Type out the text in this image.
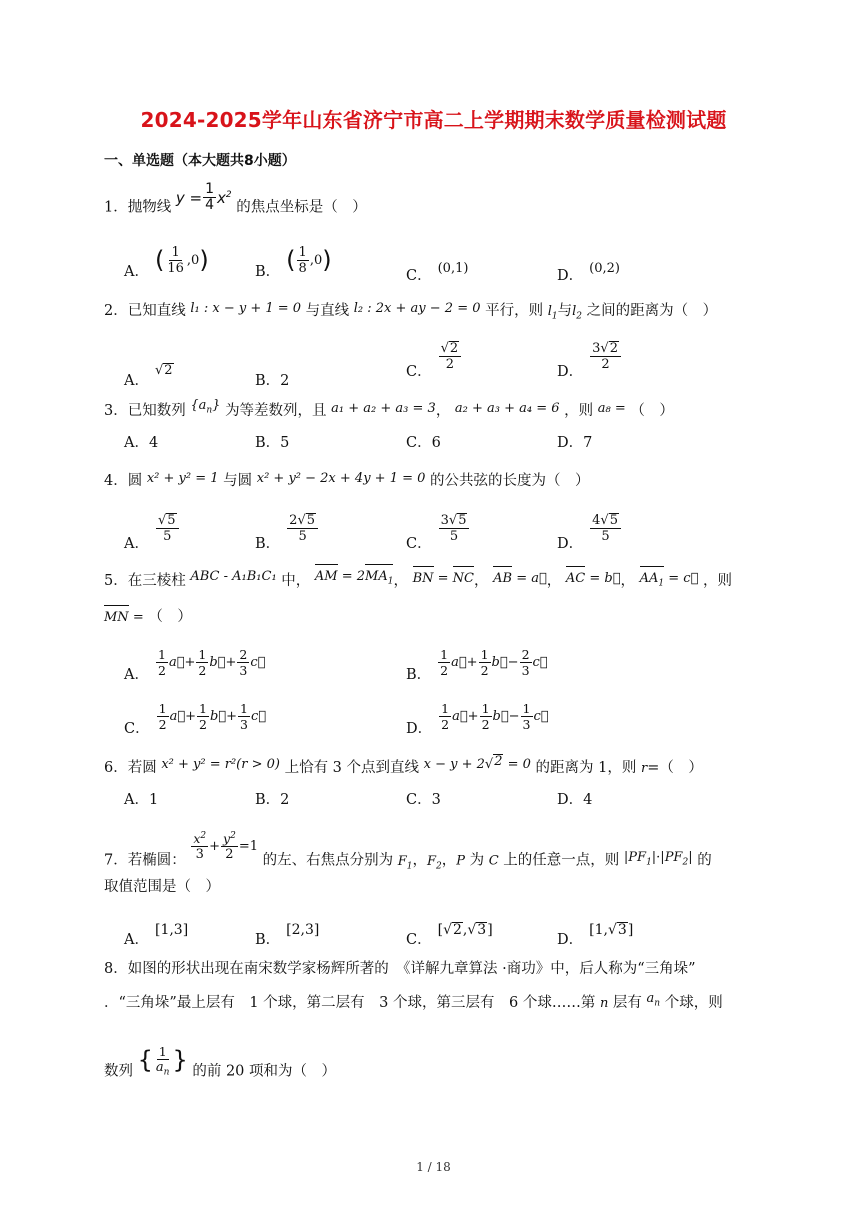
2024-2025学年山东省济宁市高二上学期期末数学质量检测试题
一、单选题（本大题共8小题）
1．抛物线
$y = \frac{1}{4} x^2$
的焦点坐标是（　）
A． ( $\frac{1}{16} ,0$ )	B． ( $\frac{1}{8} ,0$ )
C． (0,1)	D． (0,2)
2．已知直线 l₁ : x − y + 1 = 0 与直线 l₂ : 2x + ay − 2 = 0 平行，则 $l_1$与$l_2$ 之间的距离为（　）
A．
√ 2
B．2
C． $\frac{√ 2}{2}$	D． $\frac{3√ 2}{2}$
3．已知数列 $\{a_n\}$ 为等差数列，且 a₁ + a₂ + a₃ = 3， a₂ + a₃ + a₄ = 6 ，则 a₈ = （　）
A．4	B．5	C．6	D．7
4．圆 x² + y² = 1 与圆 x² + y² − 2x + 4y + 1 = 0 的公共弦的长度为（　）
A． $\frac{√ 5}{5}$	B． $\frac{2√ 5}{5}$	C． $\frac{3√ 5}{5}$	D． $\frac{4√ 5}{5}$
5．在三棱柱 ABC - A₁B₁C₁ 中， AM = $2MA_1$， BN = NC， AB = a⃗， AC = b⃗， $AA_1$ = c⃗ ，则
MN = （　）
A． $\frac{1}{2}$ a⃗ + $\frac{1}{2}$ b⃗ + $\frac{2}{3}$ c⃗
B． $\frac{1}{2}$ a⃗ + $\frac{1}{2}$ b⃗ − $\frac{2}{3}$ c⃗
C． $\frac{1}{2}$ a⃗ + $\frac{1}{2}$ b⃗ + $\frac{1}{3}$ c⃗
D． $\frac{1}{2}$ a⃗ + $\frac{1}{2}$ b⃗ − $\frac{1}{3}$ c⃗
6．若圆 x² + y² = r²(r > 0) 上恰有 3 个点到直线 x − y + 2√ 2 = 0 的距离为 1，则 r=（　）
A．1	B．2	C．3	D．4
7．若椭圆： $\frac{x^2}{3} + \frac{y^2}{2} =1$
的左、右焦点分别为 $F_1$，$F_2$，P 为 C 上的任意一点，则 $|PF_1|\cdot|PF_2|$ 的
取值范围是（　）
A．
[1,3]
B．
[2,3]
C．
[√ 2 ,√ 3 ]
D．
[1,√ 3 ]
8．如图的形状出现在南宋数学家杨辉所著的　《详解九章算法 ·商功》中，后人称为“三角垛”
．“三角垛”最上层有　1 个球，第二层有　3 个球，第三层有　6 个球……第 n 层有 $a_n$ 个球，则
数列 { $\frac{1}{a_n}$ } 的前 20 项和为（　）
1 / 18
